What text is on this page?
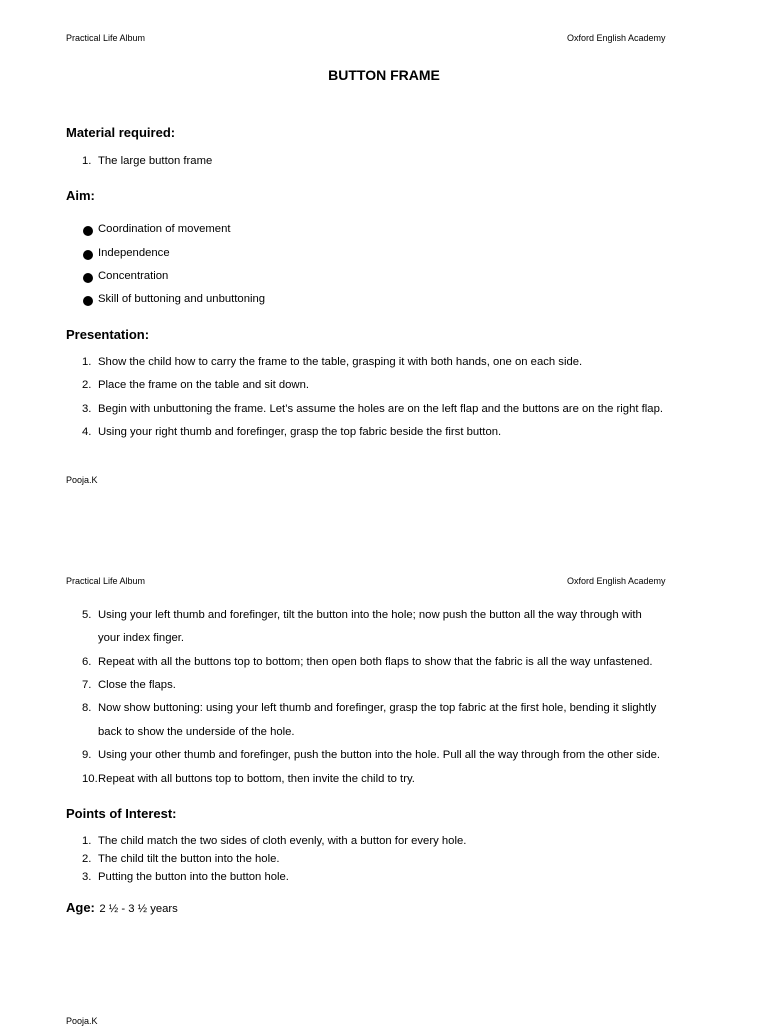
Practical Life Album	Oxford English Academy
BUTTON FRAME
Material required:
1. The large button frame
Aim:
Coordination of movement
Independence
Concentration
Skill of buttoning and unbuttoning
Presentation:
1. Show the child how to carry the frame to the table, grasping it with both hands, one on each side.
2. Place the frame on the table and sit down.
3. Begin with unbuttoning the frame. Let’s assume the holes are on the left flap and the buttons are on the right flap.
4. Using your right thumb and forefinger, grasp the top fabric beside the first button.
Pooja.K
Practical Life Album	Oxford English Academy
5. Using your left thumb and forefinger, tilt the button into the hole; now push the button all the way through with
your index finger.
6. Repeat with all the buttons top to bottom; then open both flaps to show that the fabric is all the way unfastened.
7. Close the flaps.
8. Now show buttoning: using your left thumb and forefinger, grasp the top fabric at the first hole, bending it slightly
back to show the underside of the hole.
9. Using your other thumb and forefinger, push the button into the hole. Pull all the way through from the other side.
10. Repeat with all buttons top to bottom, then invite the child to try.
Points of Interest:
1. The child match the two sides of cloth evenly, with a button for every hole.
2. The child tilt the button into the hole.
3. Putting the button into the button hole.
Age: 2 ½ - 3 ½ years
Pooja.K
